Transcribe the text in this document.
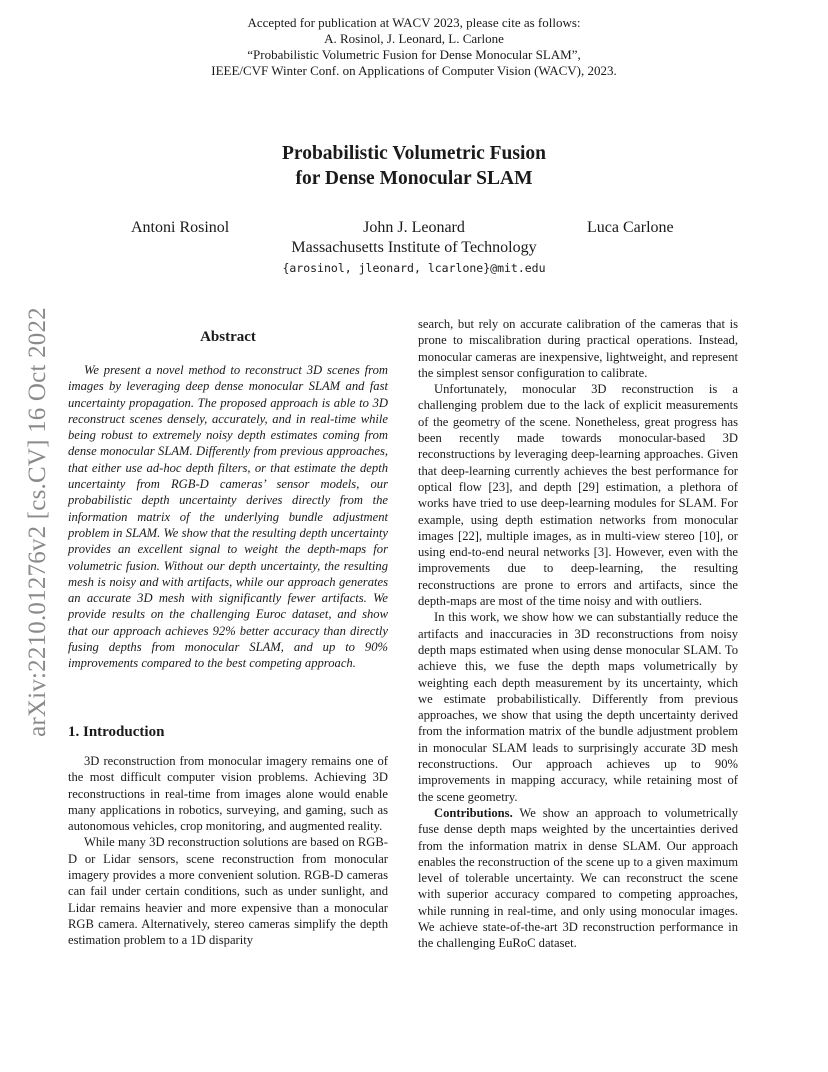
Accepted for publication at WACV 2023, please cite as follows:
A. Rosinol, J. Leonard, L. Carlone
“Probabilistic Volumetric Fusion for Dense Monocular SLAM”,
IEEE/CVF Winter Conf. on Applications of Computer Vision (WACV), 2023.
Probabilistic Volumetric Fusion
for Dense Monocular SLAM
Antoni Rosinol	John J. Leonard	Luca Carlone
Massachusetts Institute of Technology
{arosinol, jleonard, lcarlone}@mit.edu
arXiv:2210.01276v2 [cs.CV] 16 Oct 2022	Abstract

We present a novel method to reconstruct 3D scenes from images by leveraging deep dense monocular SLAM and fast uncertainty propagation. The proposed approach is able to 3D reconstruct scenes densely, accurately, and in real-time while being robust to extremely noisy depth estimates coming from dense monocular SLAM. Differently from previous approaches, that either use ad-hoc depth filters, or that estimate the depth uncertainty from RGB-D cameras’ sensor models, our probabilistic depth uncertainty derives directly from the information matrix of the underlying bundle adjustment problem in SLAM. We show that the resulting depth uncertainty provides an excellent signal to weight the depth-maps for volumetric fusion. Without our depth uncertainty, the resulting mesh is noisy and with artifacts, while our approach generates an accurate 3D mesh with significantly fewer artifacts. We provide results on the challenging Euroc dataset, and show that our approach achieves 92% better accuracy than directly fusing depths from monocular SLAM, and up to 90% improvements compared to the best competing approach.

1. Introduction

3D reconstruction from monocular imagery remains one of the most difficult computer vision problems. Achieving 3D reconstructions in real-time from images alone would enable many applications in robotics, surveying, and gaming, such as autonomous vehicles, crop monitoring, and augmented reality.

While many 3D reconstruction solutions are based on RGB-D or Lidar sensors, scene reconstruction from monocular imagery provides a more convenient solution. RGB-D cameras can fail under certain conditions, such as under sunlight, and Lidar remains heavier and more expensive than a monocular RGB camera. Alternatively, stereo cameras simplify the depth estimation problem to a 1D disparity

search, but rely on accurate calibration of the cameras that is prone to miscalibration during practical operations. Instead, monocular cameras are inexpensive, lightweight, and represent the simplest sensor configuration to calibrate.

Unfortunately, monocular 3D reconstruction is a challenging problem due to the lack of explicit measurements of the geometry of the scene. Nonetheless, great progress has been recently made towards monocular-based 3D reconstructions by leveraging deep-learning approaches. Given that deep-learning currently achieves the best performance for optical flow [23], and depth [29] estimation, a plethora of works have tried to use deep-learning modules for SLAM. For example, using depth estimation networks from monocular images [22], multiple images, as in multi-view stereo [10], or using end-to-end neural networks [3]. However, even with the improvements due to deep-learning, the resulting reconstructions are prone to errors and artifacts, since the depth-maps are most of the time noisy and with outliers.

In this work, we show how we can substantially reduce the artifacts and inaccuracies in 3D reconstructions from noisy depth maps estimated when using dense monocular SLAM. To achieve this, we fuse the depth maps volumetrically by weighting each depth measurement by its uncertainty, which we estimate probabilistically. Differently from previous approaches, we show that using the depth uncertainty derived from the information matrix of the bundle adjustment problem in monocular SLAM leads to surprisingly accurate 3D mesh reconstructions. Our approach achieves up to 90% improvements in mapping accuracy, while retaining most of the scene geometry.

Contributions. We show an approach to volumetrically fuse dense depth maps weighted by the uncertainties derived from the information matrix in dense SLAM. Our approach enables the reconstruction of the scene up to a given maximum level of tolerable uncertainty. We can reconstruct the scene with superior accuracy compared to competing approaches, while running in real-time, and only using monocular images. We achieve state-of-the-art 3D reconstruction performance in the challenging EuRoC dataset.
